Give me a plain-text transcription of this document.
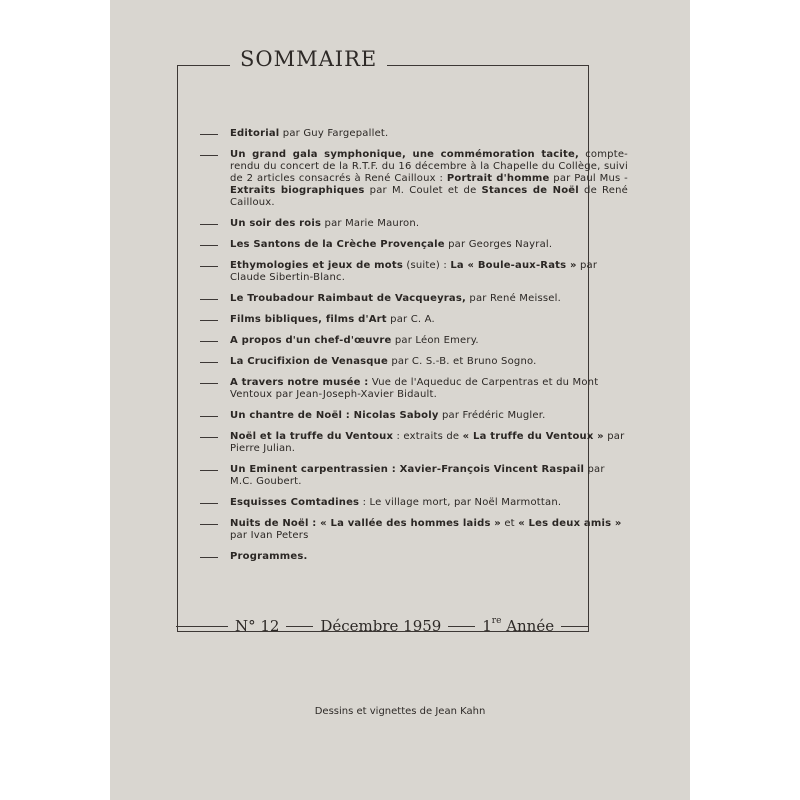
SOMMAIRE
Editorial par Guy Fargepallet.
Un grand gala symphonique, une commémoration tacite, compte-rendu du concert de la R.T.F. du 16 décembre à la Chapelle du Collège, suivi de 2 articles consacrés à René Cailloux : Portrait d'homme par Paul Mus - Extraits biographiques par M. Coulet et de Stances de Noël de René Cailloux.
Un soir des rois par Marie Mauron.
Les Santons de la Crèche Provençale par Georges Nayral.
Ethymologies et jeux de mots (suite) : La « Boule-aux-Rats » par Claude Sibertin-Blanc.
Le Troubadour Raimbaut de Vacqueyras, par René Meissel.
Films bibliques, films d'Art par C. A.
A propos d'un chef-d'œuvre par Léon Emery.
La Crucifixion de Venasque par C. S.-B. et Bruno Sogno.
A travers notre musée : Vue de l'Aqueduc de Carpentras et du Mont Ventoux par Jean-Joseph-Xavier Bidault.
Un chantre de Noël : Nicolas Saboly par Frédéric Mugler.
Noël et la truffe du Ventoux : extraits de « La truffe du Ventoux » par Pierre Julian.
Un Eminent carpentrassien : Xavier-François Vincent Raspail par M.C. Goubert.
Esquisses Comtadines : Le village mort, par Noël Marmottan.
Nuits de Noël : « La vallée des hommes laids » et « Les deux amis » par Ivan Peters
Programmes.
N° 12	Décembre 1959	1re Année
Dessins et vignettes de Jean Kahn
